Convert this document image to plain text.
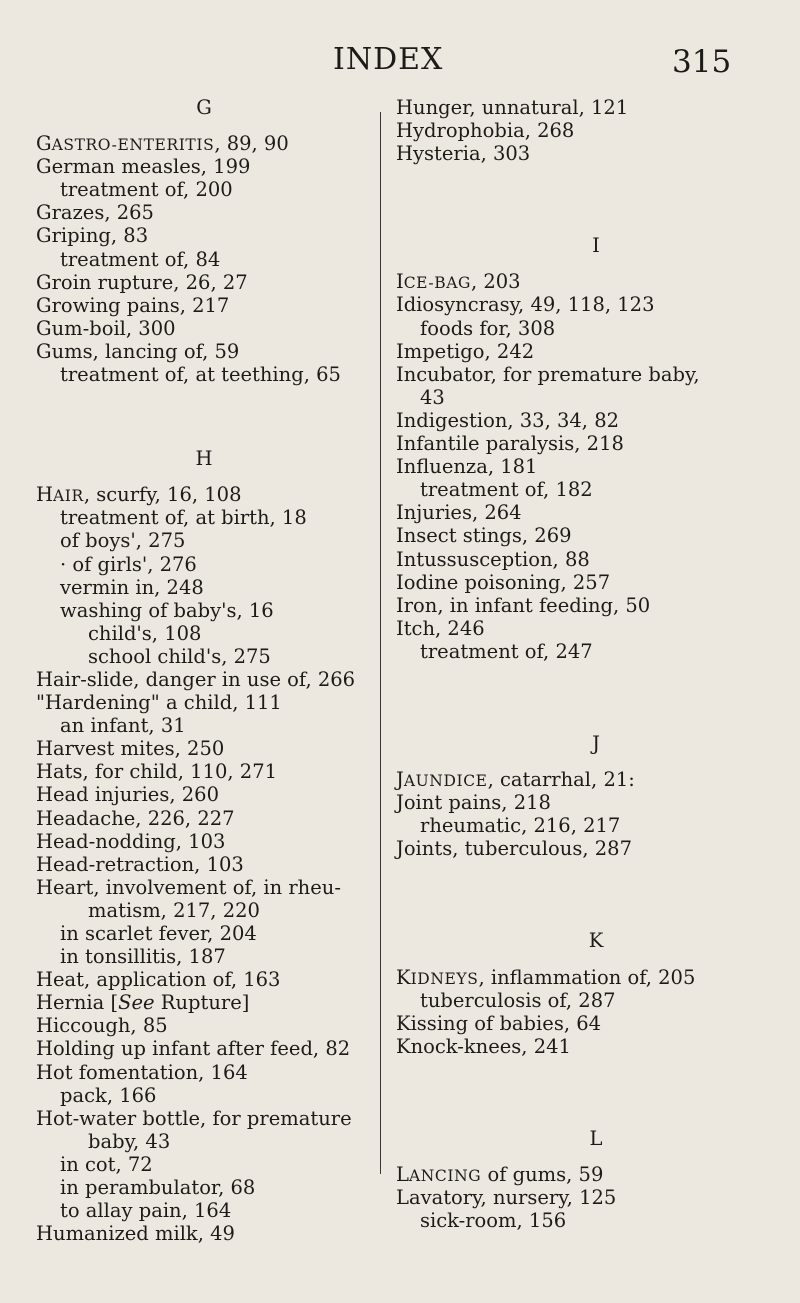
INDEX	315
G
GASTRO-ENTERITIS, 89, 90
German measles, 199
treatment of, 200
Grazes, 265
Griping, 83
treatment of, 84
Groin rupture, 26, 27
Growing pains, 217
Gum-boil, 300
Gums, lancing of, 59
treatment of, at teething, 65
H
HAIR, scurfy, 16, 108
treatment of, at birth, 18
of boys', 275
· of girls', 276
vermin in, 248
washing of baby's, 16
child's, 108
school child's, 275
Hair-slide, danger in use of, 266
"Hardening" a child, 111
an infant, 31
Harvest mites, 250
Hats, for child, 110, 271
Head injuries, 260
Headache, 226, 227
Head-nodding, 103
Head-retraction, 103
Heart, involvement of, in rheu-
matism, 217, 220
in scarlet fever, 204
in tonsillitis, 187
Heat, application of, 163
Hernia [See Rupture]
Hiccough, 85
Holding up infant after feed, 82
Hot fomentation, 164
pack, 166
Hot-water bottle, for premature
baby, 43
in cot, 72
in perambulator, 68
to allay pain, 164
Humanized milk, 49
Hunger, unnatural, 121
Hydrophobia, 268
Hysteria, 303
I
ICE-BAG, 203
Idiosyncrasy, 49, 118, 123
foods for, 308
Impetigo, 242
Incubator, for premature baby,
43
Indigestion, 33, 34, 82
Infantile paralysis, 218
Influenza, 181
treatment of, 182
Injuries, 264
Insect stings, 269
Intussusception, 88
Iodine poisoning, 257
Iron, in infant feeding, 50
Itch, 246
treatment of, 247
J
JAUNDICE, catarrhal, 21:
Joint pains, 218
rheumatic, 216, 217
Joints, tuberculous, 287
K
KIDNEYS, inflammation of, 205
tuberculosis of, 287
Kissing of babies, 64
Knock-knees, 241
L
LANCING of gums, 59
Lavatory, nursery, 125
sick-room, 156
